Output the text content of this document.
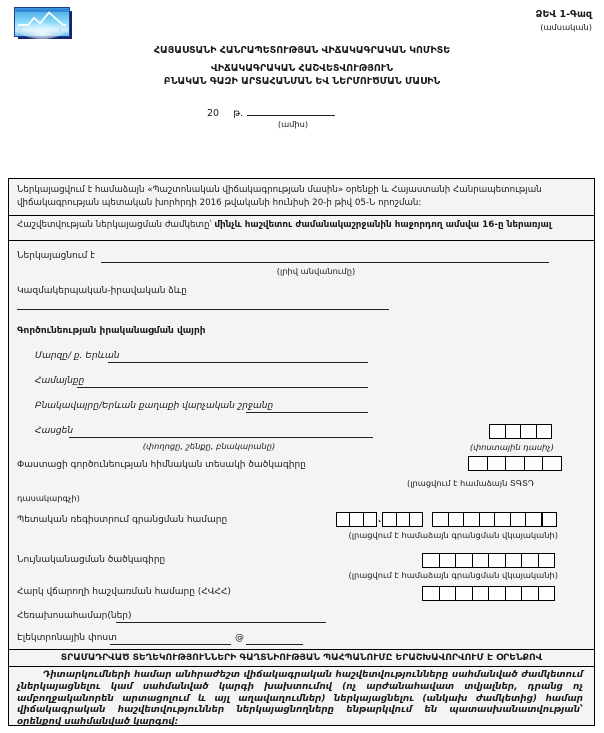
׃׃	׃׃
ՁԵՎ 1-Գազ
(ամսական)
ՀԱՅԱՍՏԱՆԻ ՀԱՆՐԱՊԵՏՈՒԹՅԱՆ ՎԻՃԱԿԱԳՐԱԿԱՆ ԿՈՄԻՏԵ
ՎԻՃԱԿԱԳՐԱԿԱՆ ՀԱՇՎԵՏՎՈՒԹՅՈՒՆ
ԲՆԱԿԱՆ ԳԱԶԻ ԱՐՏԱՀԱՆՄԱՆ ԵՎ ՆԵՐՄՈՒԾՄԱՆ ՄԱՍԻՆ
20 թ.
(ամիս)
Ներկայացվում է համաձայն «Պաշտոնական վիճակագրության մասին» օրենքի և Հայաստանի Հանրապետության վիճակագրության պետական խորհրդի 2016 թվականի հունիսի 20-ի թիվ 05-Ն որոշման:
Հաշվետվության ներկայացման ժամկետը՝ մինչև հաշվետու ժամանակաշրջանին հաջորդող ամսվա 16-ը ներառյալ
Ներկայացնում է
(լրիվ անվանումը)
Կազմակերպական-իրավական ձևը
Գործունեության իրականացման վայրի
Մարզը/ ք. Երևան
Համայնքը
Բնակավայրը/Երևան քաղաքի վարչական շրջանը
Հասցեն
(փողոցը, շենքը, բնակարանը)	(փոստային դասիչ)
Փաստացի գործունեության հիմնական տեսակի ծածկագիրը
(լրացվում է համաձայն ՏԳՏԴ
դասակարգչի)
Պետական ռեգիստրում գրանցման համարը	.
(լրացվում է համաձայն գրանցման վկայականի)
Նույնականացման ծածկագիրը
(լրացվում է համաձայն գրանցման վկայականի)
Հարկ վճարողի հաշվառման համարը (ՀՎՀՀ)
Հեռախոսահամար(ներ)
Էլեկտրոնային փոստ	@
ՏՐԱՄԱԴՐՎԱԾ ՏԵՂԵԿՈՒԹՅՈՒՆՆԵՐԻ ԳԱՂՏՆԻՈՒԹՅԱՆ ՊԱՀՊԱՆՈՒՄԸ ԵՐԱՇԽԱՎՈՐՎՈՒՄ Է ՕՐԵՆՔՈՎ
Դիտարկումների համար անհրաժեշտ վիճակագրական հաշվետվությունները սահմանված ժամկետում չներկայացնելու կամ սահմանված կարգի խախտումով (ոչ արժանահավատ տվյալներ, դրանց ոչ ամբողջականորեն արտացոլում և այլ աղավաղումներ) ներկայացնելու (անկախ ժամկետից) համար վիճակագրական հաշվետվություններ ներկայացնողները ենթարկվում են պատասխանատվության՝ օրենքով սահմանված կարգով:
